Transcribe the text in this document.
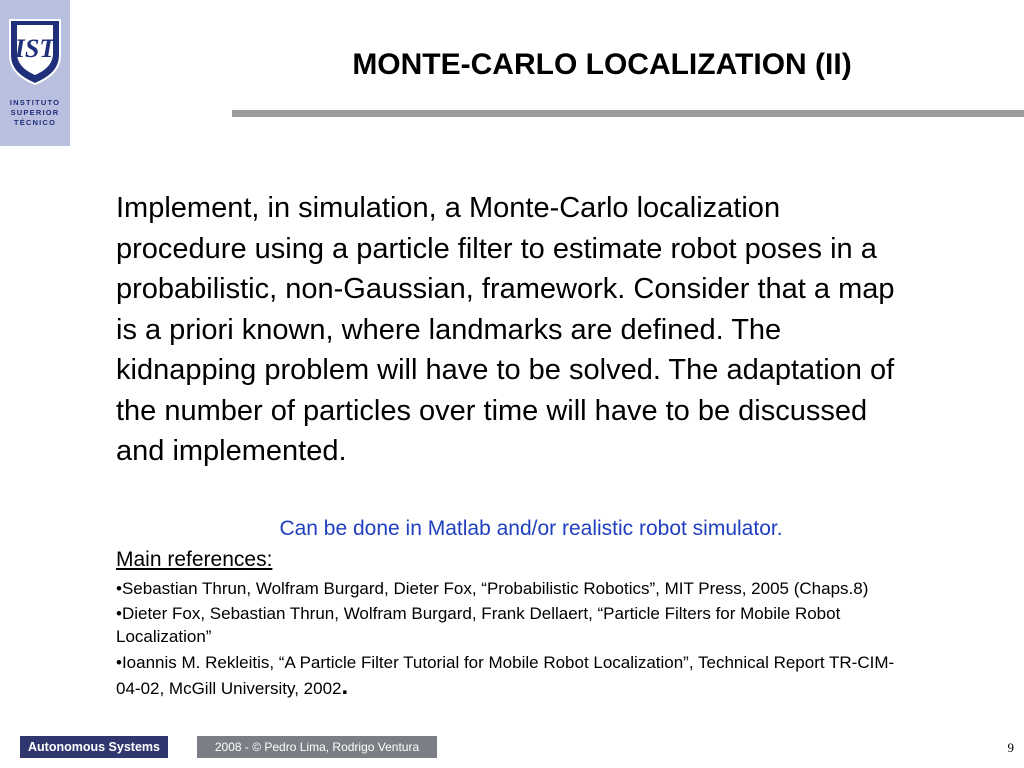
IST
INSTITUTO
SUPERIOR
TÉCNICO
MONTE-CARLO LOCALIZATION (II)

Implement, in simulation, a Monte-Carlo localization procedure using a particle filter to estimate robot poses in a probabilistic, non-Gaussian, framework. Consider that a map is a priori known, where landmarks are defined. The kidnapping problem will have to be solved. The adaptation of the number of particles over time will have to be discussed and implemented.

Can be done in Matlab and/or realistic robot simulator.
Main references:
•Sebastian Thrun, Wolfram Burgard, Dieter Fox, “Probabilistic Robotics”, MIT Press, 2005 (Chaps.8)
•Dieter Fox, Sebastian Thrun, Wolfram Burgard, Frank Dellaert, “Particle Filters for Mobile Robot Localization”
•Ioannis M. Rekleitis, “A Particle Filter Tutorial for Mobile Robot Localization”, Technical Report TR-CIM-04-02, McGill University, 2002.
Autonomous Systems	2008 - © Pedro Lima, Rodrigo Ventura	9
